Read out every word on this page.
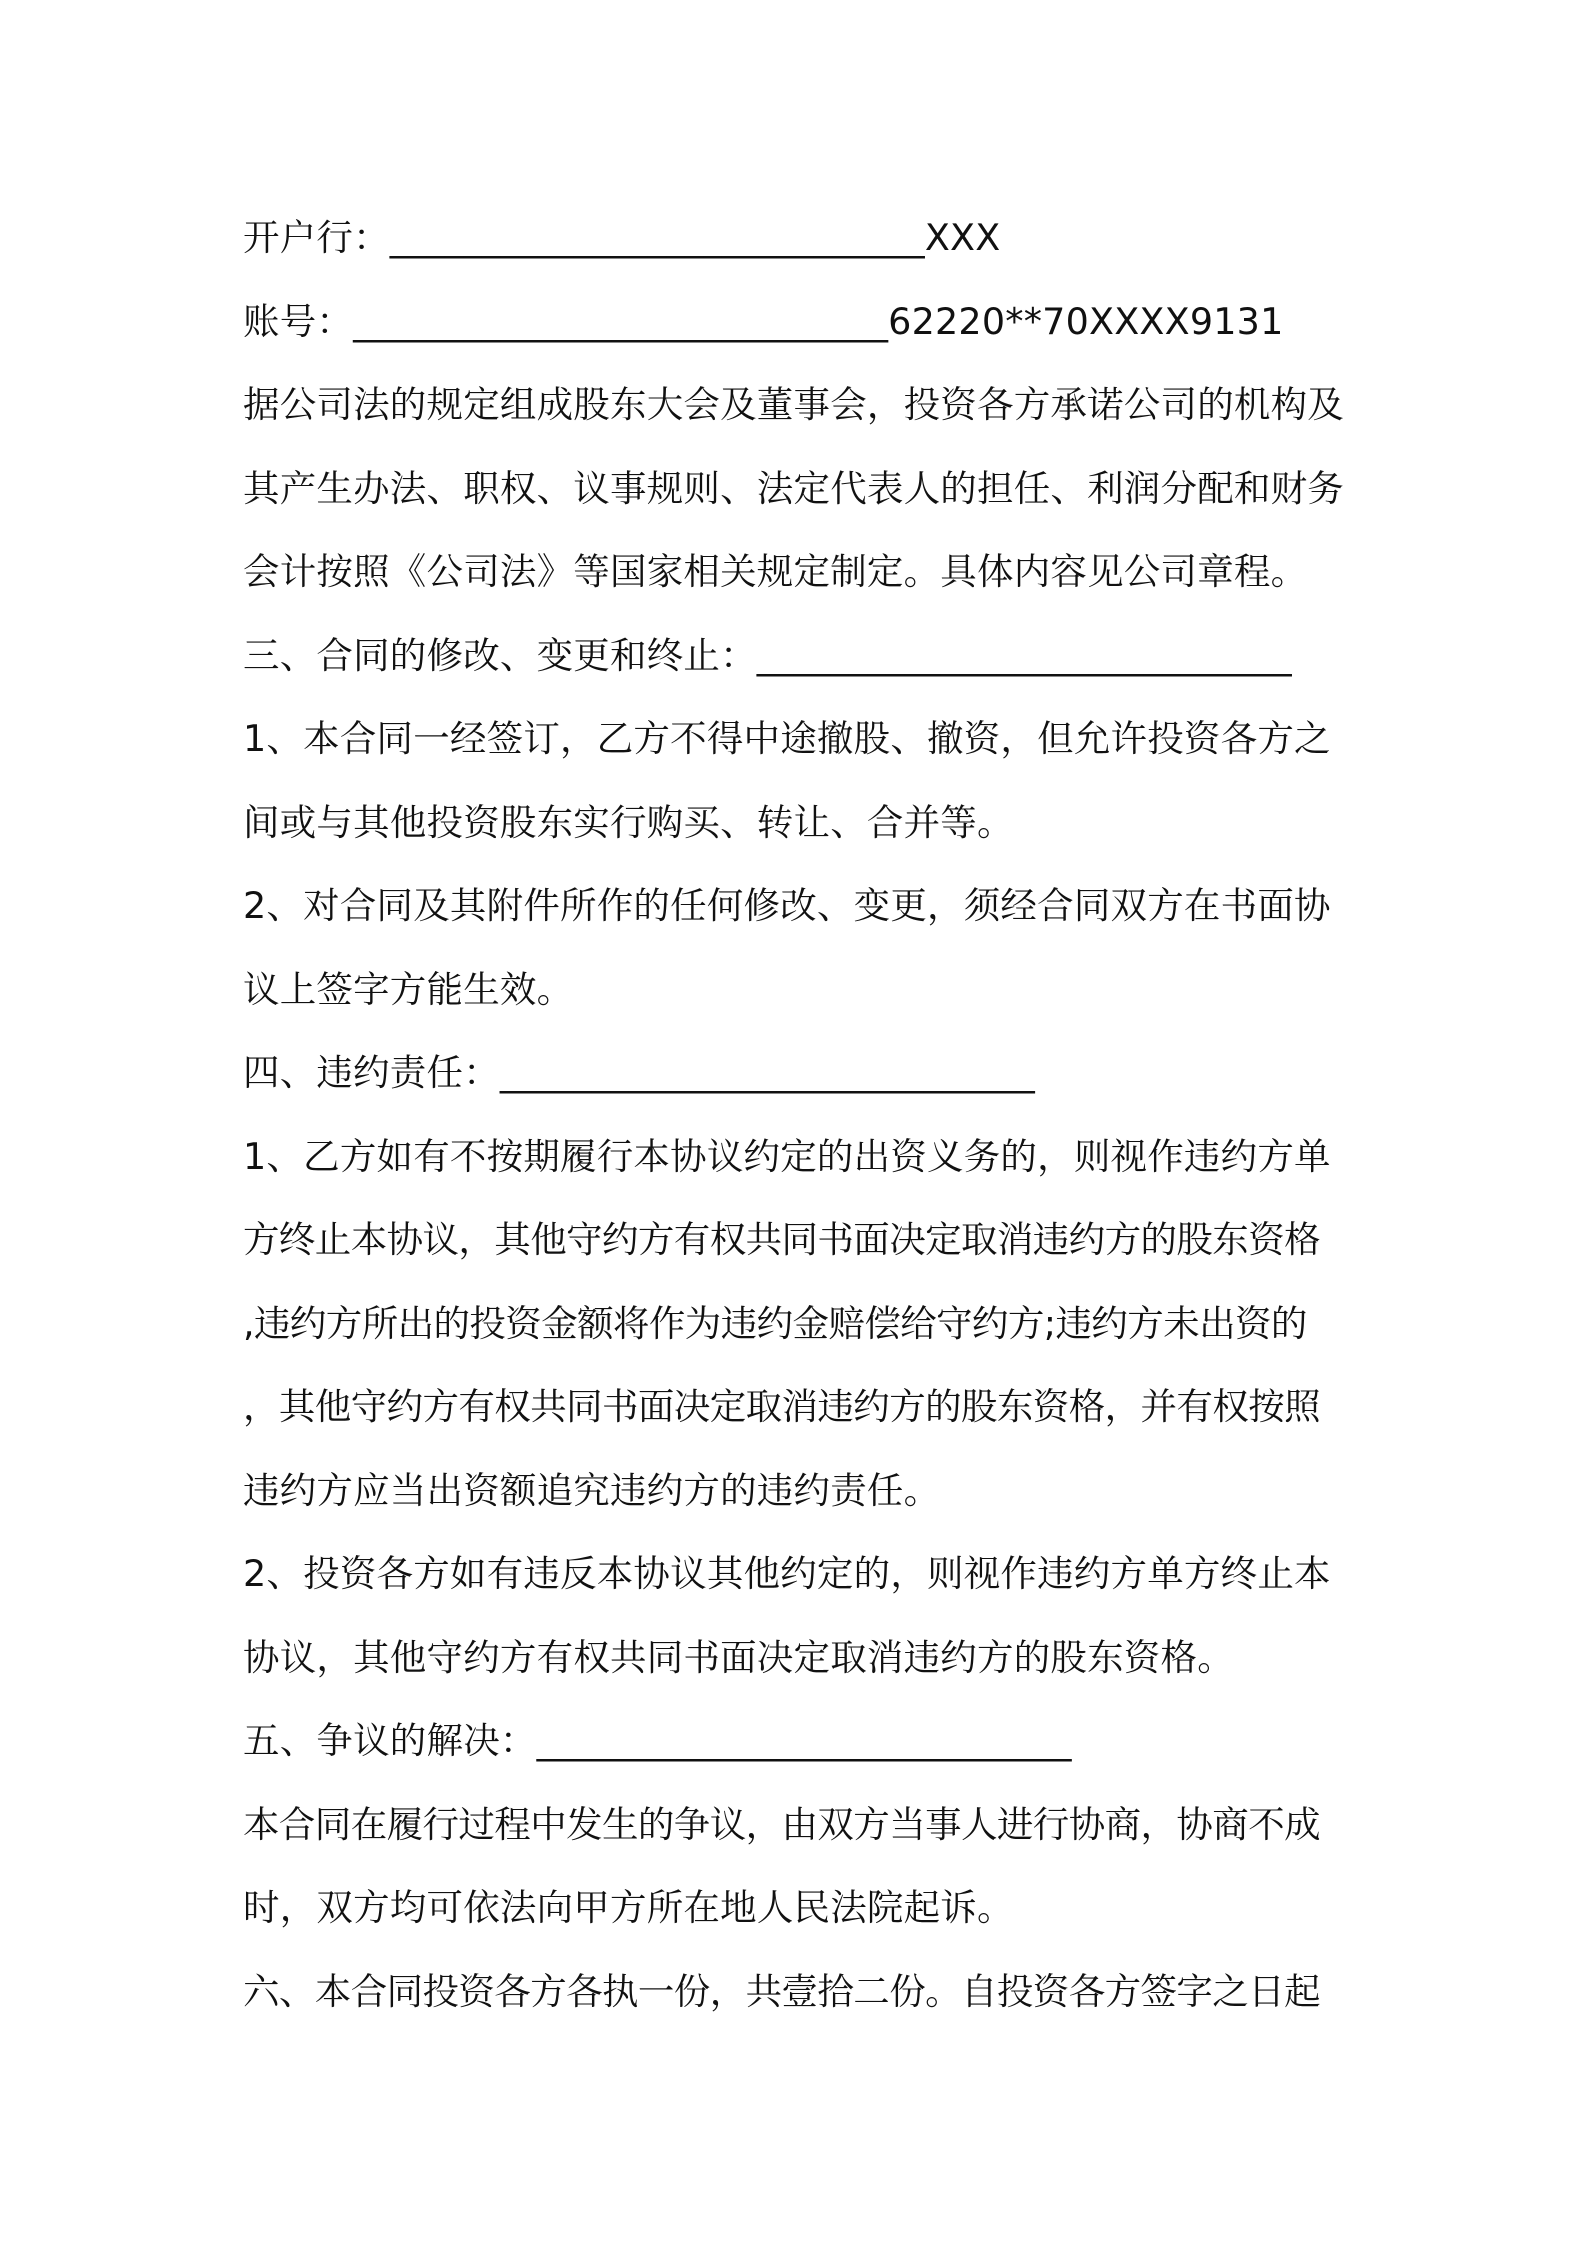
开户行：_____________________________XXX
账号：_____________________________62220**70XXXX9131
据公司法的规定组成股东大会及董事会，投资各方承诺公司的机构及
其产生办法、职权、议事规则、法定代表人的担任、利润分配和财务
会计按照《公司法》等国家相关规定制定。具体内容见公司章程。
三、合同的修改、变更和终止：_____________________________
1、本合同一经签订，乙方不得中途撤股、撤资，但允许投资各方之
间或与其他投资股东实行购买、转让、合并等。
2、对合同及其附件所作的任何修改、变更，须经合同双方在书面协
议上签字方能生效。
四、违约责任：_____________________________
1、乙方如有不按期履行本协议约定的出资义务的，则视作违约方单
方终止本协议，其他守约方有权共同书面决定取消违约方的股东资格
,违约方所出的投资金额将作为违约金赔偿给守约方;违约方未出资的
，其他守约方有权共同书面决定取消违约方的股东资格，并有权按照
违约方应当出资额追究违约方的违约责任。
2、投资各方如有违反本协议其他约定的，则视作违约方单方终止本
协议，其他守约方有权共同书面决定取消违约方的股东资格。
五、争议的解决：_____________________________
本合同在履行过程中发生的争议，由双方当事人进行协商，协商不成
时，双方均可依法向甲方所在地人民法院起诉。
六、本合同投资各方各执一份，共壹拾二份。自投资各方签字之日起
